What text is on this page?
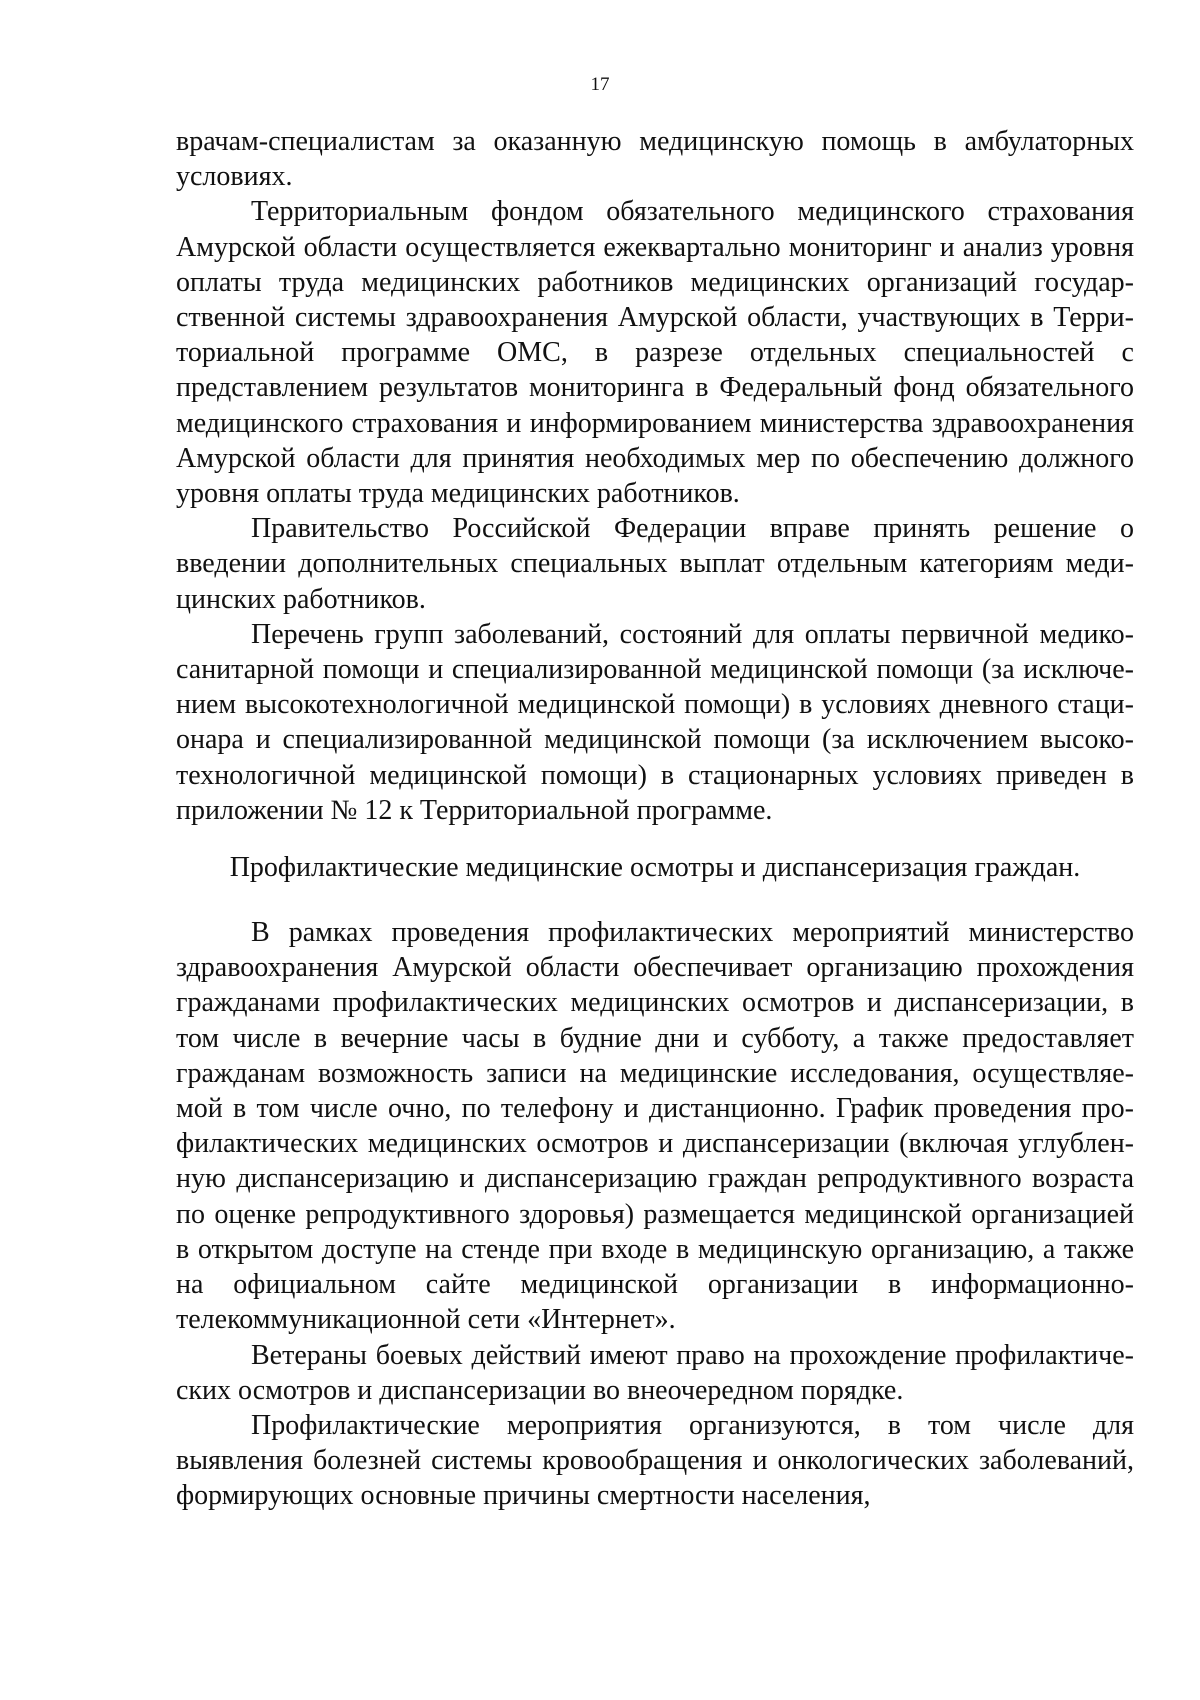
17

врачам-специалистам за оказанную медицинскую помощь в амбулаторных условиях.

Территориальным фондом обязательного медицинского страхования Амурской области осуществляется ежеквартально мониторинг и анализ уровня оплаты труда медицинских работников медицинских организаций государственной системы здравоохранения Амурской области, участвующих в Территориальной программе ОМС, в разрезе отдельных специальностей с представлением результатов мониторинга в Федеральный фонд обязательного медицинского страхования и информированием министерства здравоохранения Амурской области для принятия необходимых мер по обеспечению должного уровня оплаты труда медицинских работников.

Правительство Российской Федерации вправе принять решение о введении дополнительных специальных выплат отдельным категориям медицинских работников.

Перечень групп заболеваний, состояний для оплаты первичной медико-санитарной помощи и специализированной медицинской помощи (за исключением высокотехнологичной медицинской помощи) в условиях дневного стационара и специализированной медицинской помощи (за исключением высокотехнологичной медицинской помощи) в стационарных условиях приведен в приложении № 12 к Территориальной программе.

Профилактические медицинские осмотры и диспансеризация граждан.

В рамках проведения профилактических мероприятий министерство здравоохранения Амурской области обеспечивает организацию прохождения гражданами профилактических медицинских осмотров и диспансеризации, в том числе в вечерние часы в будние дни и субботу, а также предоставляет гражданам возможность записи на медицинские исследования, осуществляемой в том числе очно, по телефону и дистанционно. График проведения профилактических медицинских осмотров и диспансеризации (включая углубленную диспансеризацию и диспансеризацию граждан репродуктивного возраста по оценке репродуктивного здоровья) размещается медицинской организацией в открытом доступе на стенде при входе в медицинскую организацию, а также на официальном сайте медицинской организации в информационно-телекоммуникационной сети «Интернет».

Ветераны боевых действий имеют право на прохождение профилактических осмотров и диспансеризации во внеочередном порядке.

Профилактические мероприятия организуются, в том числе для выявления болезней системы кровообращения и онкологических заболеваний, формирующих основные причины смертности населения,
